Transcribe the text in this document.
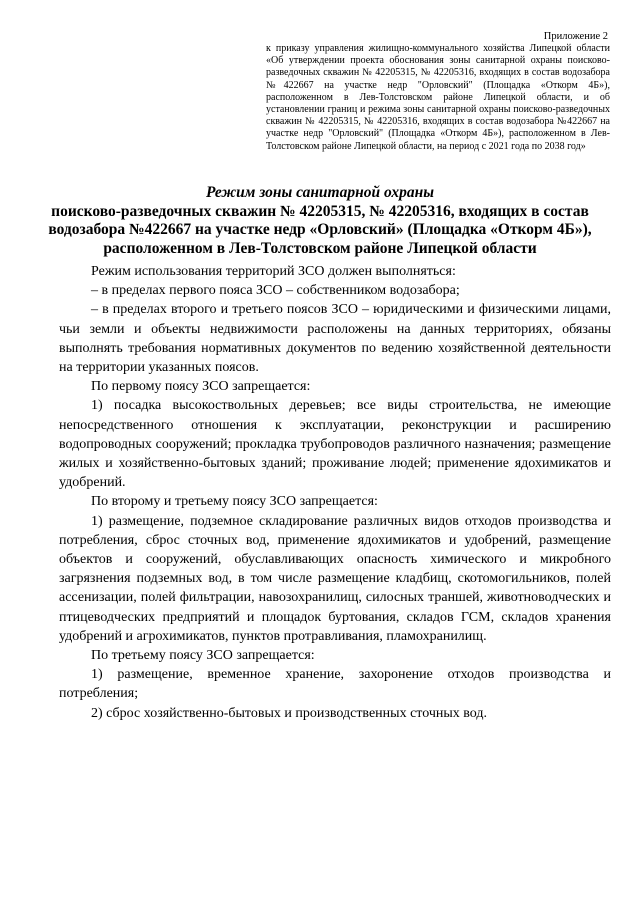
Приложение 2

к приказу управления жилищно-коммунального хозяйства Липецкой области «Об утверждении проекта обоснования зоны санитарной охраны поисково-разведочных скважин № 42205315, № 42205316, входящих в состав водозабора №422667 на участке недр "Орловский" (Площадка «Откорм 4Б»), расположенном в Лев-Толстовском районе Липецкой области, и об установлении границ и режима зоны санитарной охраны поисково-разведочных скважин № 42205315, № 42205316, входящих в состав водозабора №422667 на участке недр "Орловский" (Площадка «Откорм 4Б»), расположенном в Лев-Толстовском районе Липецкой области, на период с 2021 года по 2038 год»

Режим зоны санитарной охраны
поисково-разведочных скважин № 42205315, № 42205316, входящих в состав
водозабора №422667 на участке недр «Орловский» (Площадка «Откорм 4Б»),
расположенном в Лев-Толстовском районе Липецкой области

Режим использования территорий ЗСО должен выполняться:

– в пределах первого пояса ЗСО – собственником водозабора;

– в пределах второго и третьего поясов ЗСО – юридическими и физическими лицами, чьи земли и объекты недвижимости расположены на данных территориях, обязаны выполнять требования нормативных документов по ведению хозяйственной деятельности на территории указанных поясов.

По первому поясу ЗСО запрещается:

1) посадка высокоствольных деревьев; все виды строительства, не имеющие непосредственного отношения к эксплуатации, реконструкции и расширению водопроводных сооружений; прокладка трубопроводов различного назначения; размещение жилых и хозяйственно-бытовых зданий; проживание людей; применение ядохимикатов и удобрений.

По второму и третьему поясу ЗСО запрещается:

1) размещение, подземное складирование различных видов отходов производства и потребления, сброс сточных вод, применение ядохимикатов и удобрений, размещение объектов и сооружений, обуславливающих опасность химического и микробного загрязнения подземных вод, в том числе размещение кладбищ, скотомогильников, полей ассенизации, полей фильтрации, навозохранилищ, силосных траншей, животноводческих и птицеводческих предприятий и площадок буртования, складов ГСМ, складов хранения удобрений и агрохимикатов, пунктов протравливания, пламохранилищ.

По третьему поясу ЗСО запрещается:

1) размещение, временное хранение, захоронение отходов производства и потребления;

2) сброс хозяйственно-бытовых и производственных сточных вод.
